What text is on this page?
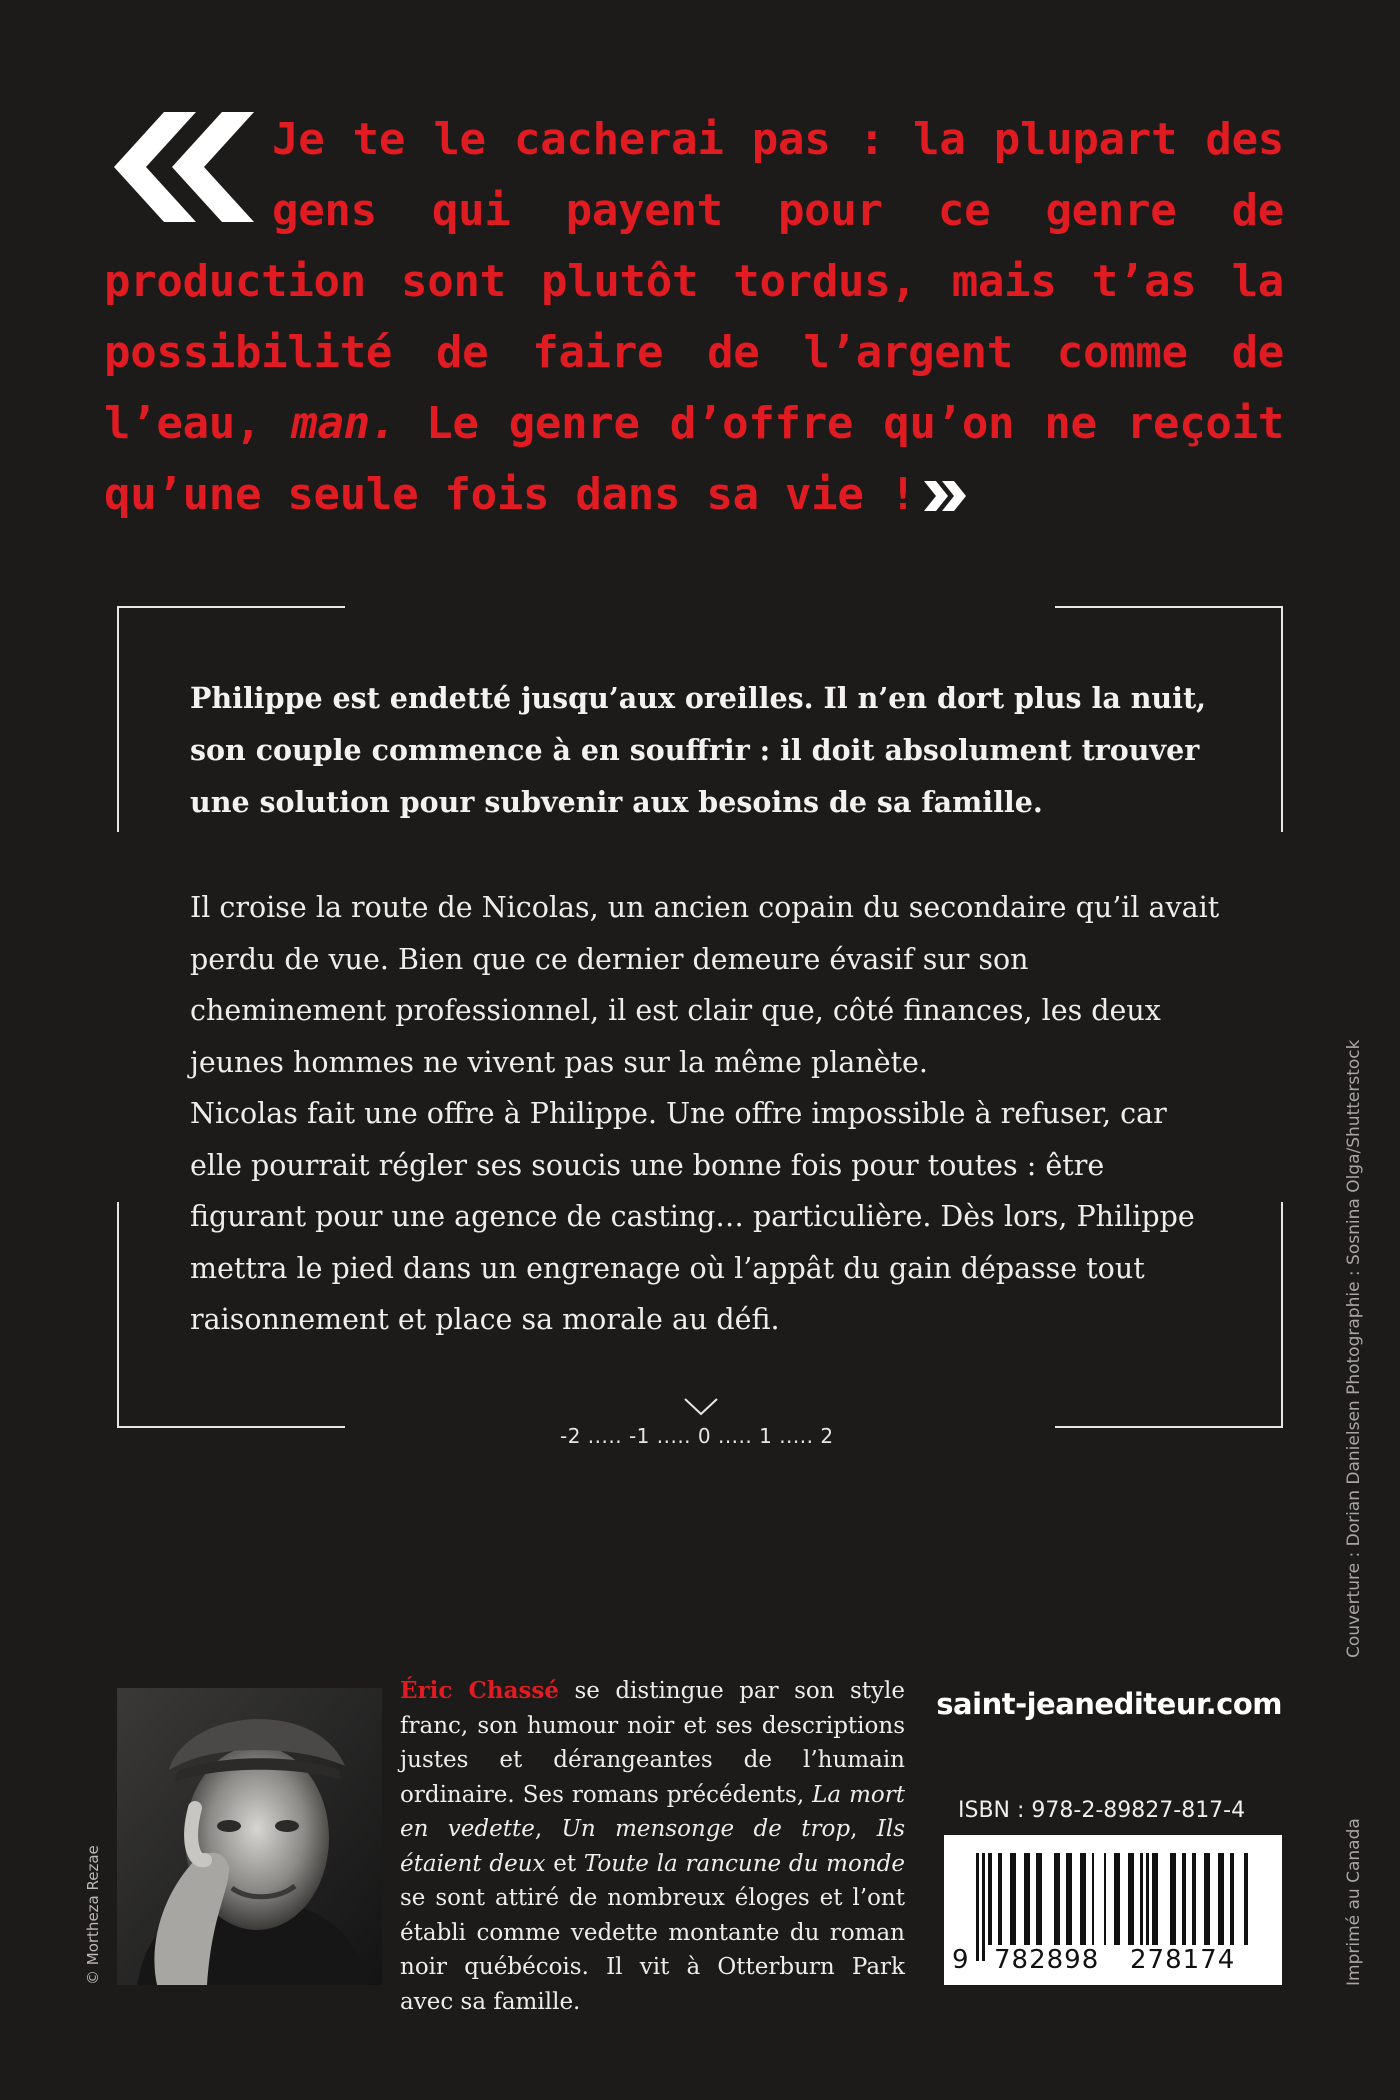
Je te le cacherai pas : la plupart des gens qui payent pour ce genre de production sont plutôt tordus, mais t’as la possibilité de faire de l’argent comme de l’eau, man. Le genre d’offre qu’on ne reçoit qu’une seule fois dans sa vie !
Philippe est endetté jusqu’aux oreilles. Il n’en dort plus la nuit, son couple commence à en souffrir : il doit absolument trouver une solution pour subvenir aux besoins de sa famille.

Il croise la route de Nicolas, un ancien copain du secondaire qu’il avait perdu de vue. Bien que ce dernier demeure évasif sur son cheminement professionnel, il est clair que, côté finances, les deux jeunes hommes ne vivent pas sur la même planète.

Nicolas fait une offre à Philippe. Une offre impossible à refuser, car elle pourrait régler ses soucis une bonne fois pour toutes : être figurant pour une agence de casting… particulière. Dès lors, Philippe mettra le pied dans un engrenage où l’appât du gain dépasse tout raisonnement et place sa morale au défi.

-2 ..... -1 ..... 0 ..... 1 ..... 2
© Mortheza Rezae
Éric Chassé se distingue par son style franc, son humour noir et ses descriptions justes et dérangeantes de l’humain ordinaire. Ses romans précédents, La mort en vedette, Un mensonge de trop, Ils étaient deux et Toute la rancune du monde se sont attiré de nombreux éloges et l’ont établi comme vedette montante du roman noir québécois. Il vit à Otterburn Park avec sa famille.
saint-jeanediteur.com
ISBN : 978-2-89827-817-4
9 782898 278174	Imprimé au Canada
Couverture : Dorian Danielsen Photographie : Sosnina Olga/Shutterstock
